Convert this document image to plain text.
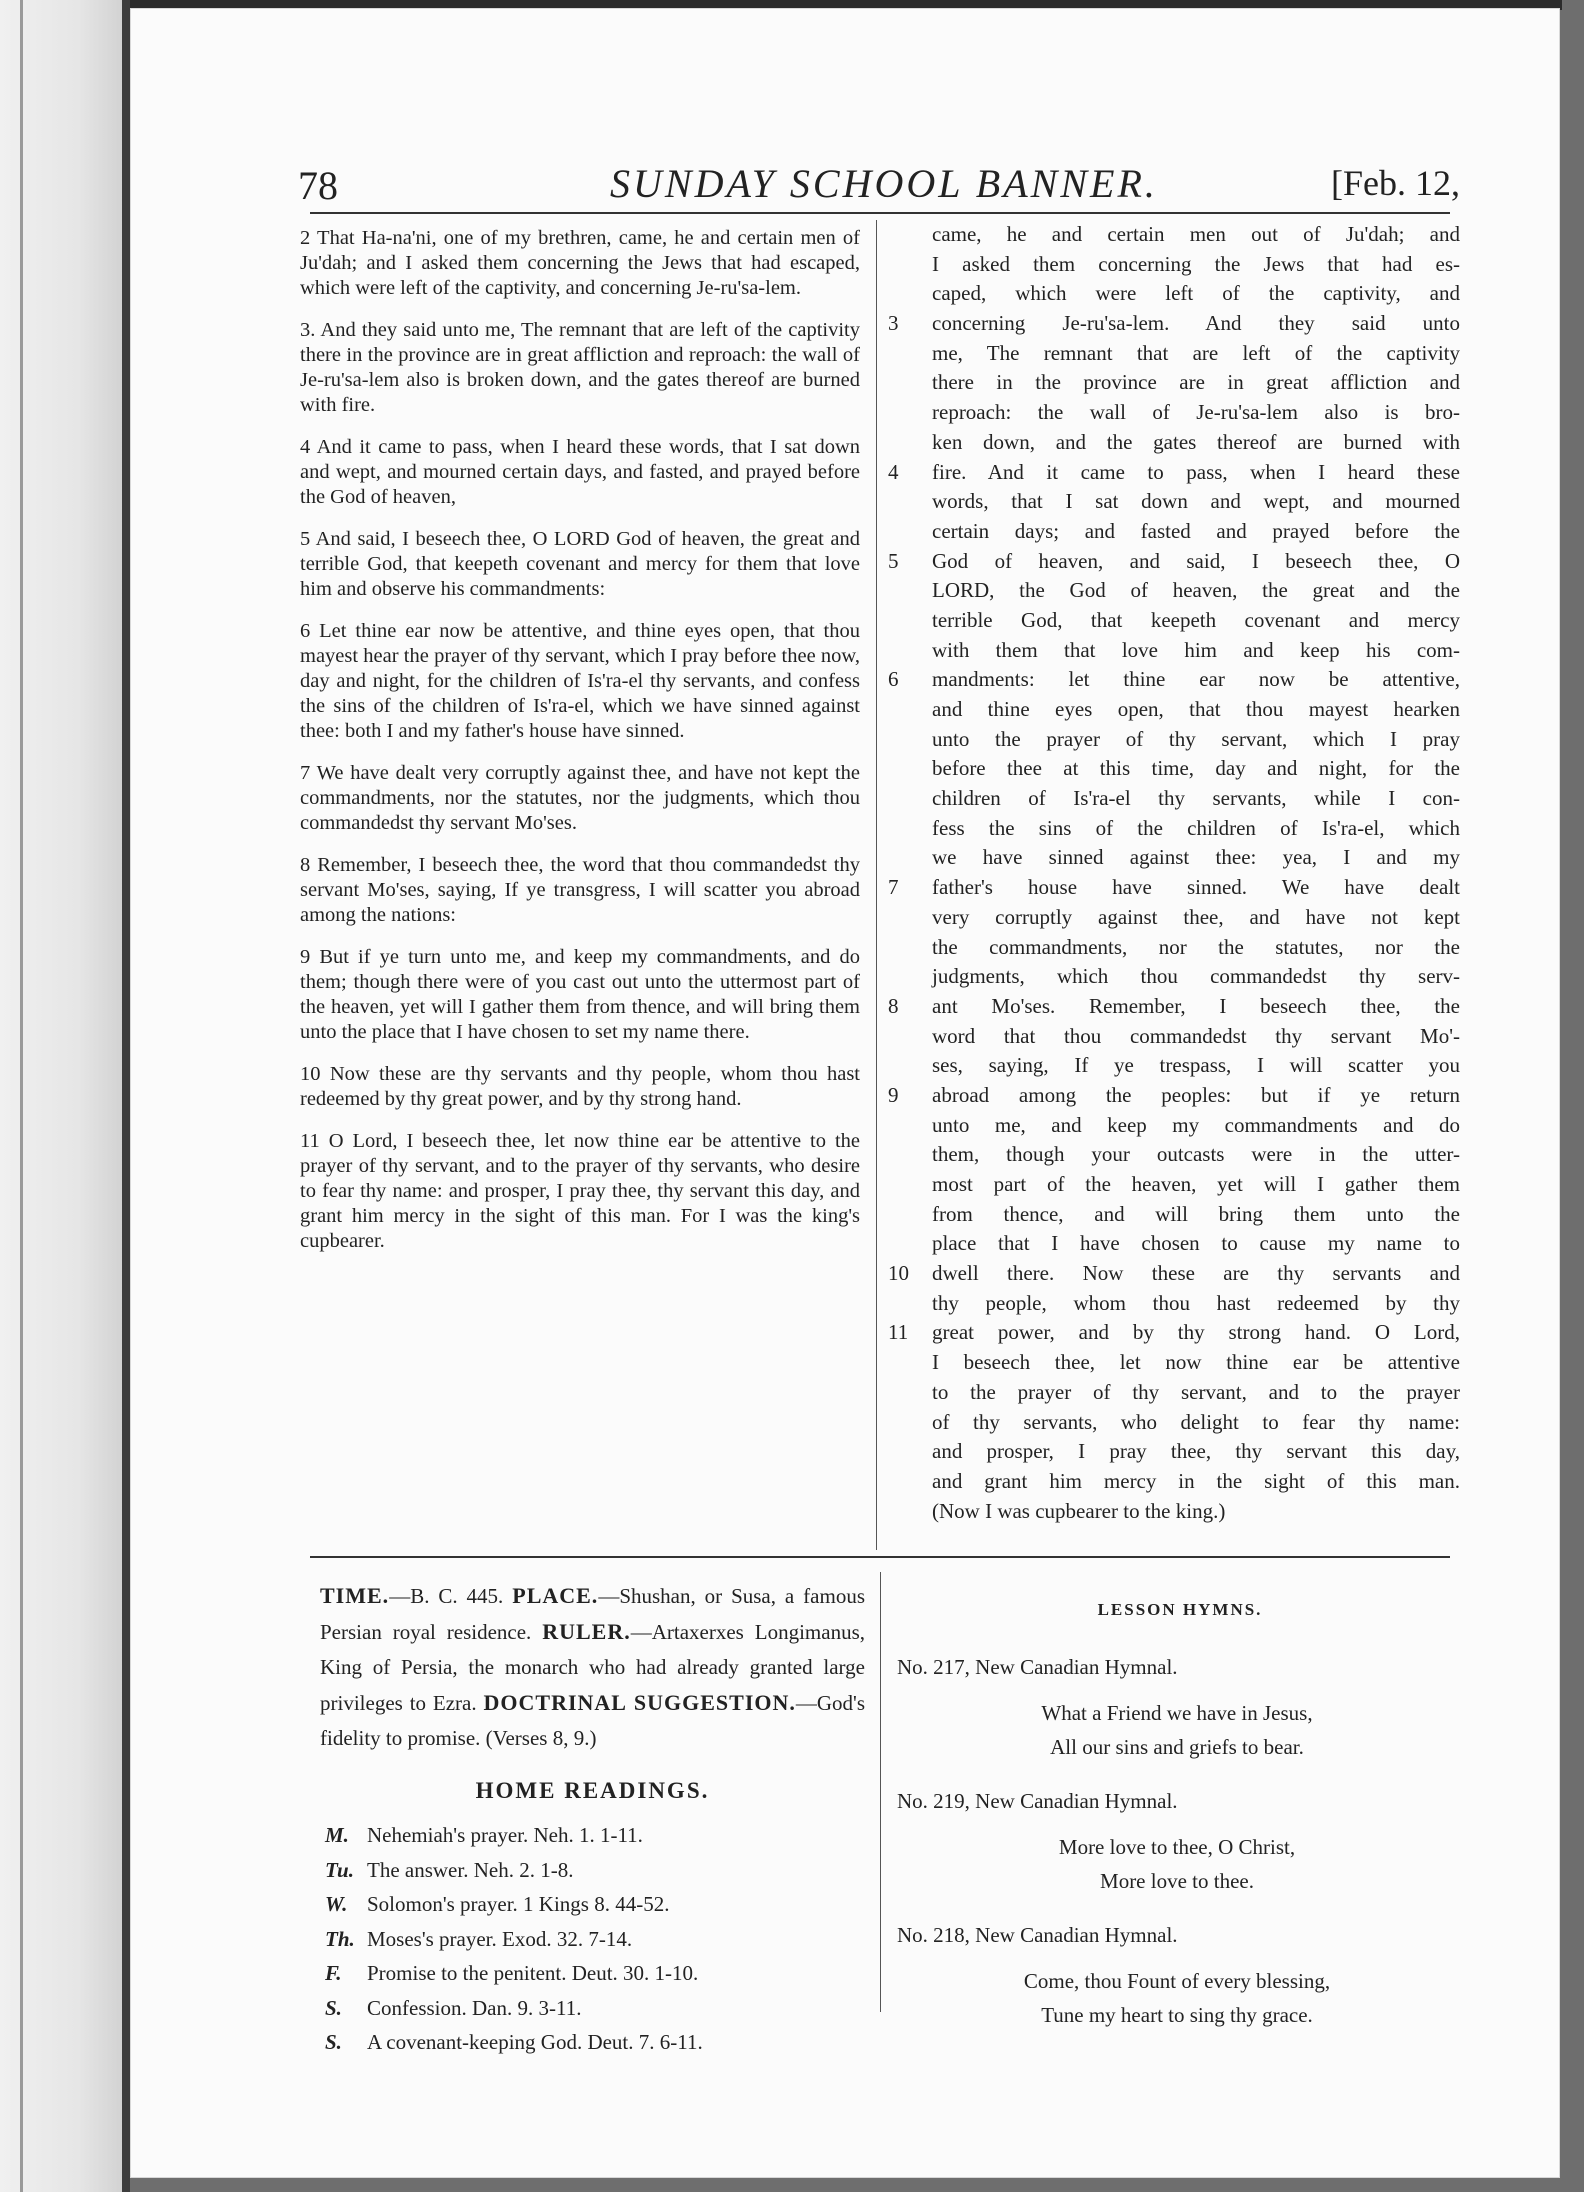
78	SUNDAY SCHOOL BANNER.	[Feb. 12,

2 That Ha-na'ni, one of my brethren, came, he and certain men of Ju'dah; and I asked them concerning the Jews that had escaped, which were left of the captivity, and concerning Je-ru'sa-lem.

3. And they said unto me, The remnant that are left of the captivity there in the province are in great affliction and reproach: the wall of Je-ru'sa-lem also is broken down, and the gates thereof are burned with fire.

4 And it came to pass, when I heard these words, that I sat down and wept, and mourned certain days, and fasted, and prayed before the God of heaven,

5 And said, I beseech thee, O LORD God of heaven, the great and terrible God, that keepeth covenant and mercy for them that love him and observe his commandments:

6 Let thine ear now be attentive, and thine eyes open, that thou mayest hear the prayer of thy servant, which I pray before thee now, day and night, for the children of Is'ra-el thy servants, and confess the sins of the children of Is'ra-el, which we have sinned against thee: both I and my father's house have sinned.

7 We have dealt very corruptly against thee, and have not kept the commandments, nor the statutes, nor the judgments, which thou commandedst thy servant Mo'ses.

8 Remember, I beseech thee, the word that thou commandedst thy servant Mo'ses, saying, If ye transgress, I will scatter you abroad among the nations:

9 But if ye turn unto me, and keep my commandments, and do them; though there were of you cast out unto the uttermost part of the heaven, yet will I gather them from thence, and will bring them unto the place that I have chosen to set my name there.

10 Now these are thy servants and thy people, whom thou hast redeemed by thy great power, and by thy strong hand.

11 O Lord, I beseech thee, let now thine ear be attentive to the prayer of thy servant, and to the prayer of thy servants, who desire to fear thy name: and prosper, I pray thee, thy servant this day, and grant him mercy in the sight of this man. For I was the king's cupbearer.

came, he and certain men out of Ju'dah; and
I asked them concerning the Jews that had es-
caped, which were left of the captivity, and
3	concerning Je-ru'sa-lem. And they said unto
me, The remnant that are left of the captivity
there in the province are in great affliction and
reproach: the wall of Je-ru'sa-lem also is bro-
ken down, and the gates thereof are burned with
4	fire. And it came to pass, when I heard these
words, that I sat down and wept, and mourned
certain days; and fasted and prayed before the
5	God of heaven, and said, I beseech thee, O
LORD, the God of heaven, the great and the
terrible God, that keepeth covenant and mercy
with them that love him and keep his com-
6	mandments: let thine ear now be attentive,
and thine eyes open, that thou mayest hearken
unto the prayer of thy servant, which I pray
before thee at this time, day and night, for the
children of Is'ra-el thy servants, while I con-
fess the sins of the children of Is'ra-el, which
we have sinned against thee: yea, I and my
7	father's house have sinned. We have dealt
very corruptly against thee, and have not kept
the commandments, nor the statutes, nor the
judgments, which thou commandedst thy serv-
8	ant Mo'ses. Remember, I beseech thee, the
word that thou commandedst thy servant Mo'-
ses, saying, If ye trespass, I will scatter you
9	abroad among the peoples: but if ye return
unto me, and keep my commandments and do
them, though your outcasts were in the utter-
most part of the heaven, yet will I gather them
from thence, and will bring them unto the
place that I have chosen to cause my name to
10 dwell there. Now these are thy servants and
thy people, whom thou hast redeemed by thy
11 great power, and by thy strong hand. O Lord,
I beseech thee, let now thine ear be attentive
to the prayer of thy servant, and to the prayer
of thy servants, who delight to fear thy name:
and prosper, I pray thee, thy servant this day,
and grant him mercy in the sight of this man.
(Now I was cupbearer to the king.)
TIME.—B. C. 445. PLACE.—Shushan, or Susa, a famous Persian royal residence. RULER.—Artaxerxes Longimanus, King of Persia, the monarch who had already granted large privileges to Ezra. DOCTRINAL SUGGESTION.—God's fidelity to promise. (Verses 8, 9.)
HOME READINGS.
M. Nehemiah's prayer. Neh. 1. 1-11.
Tu. The answer. Neh. 2. 1-8.
W. Solomon's prayer. 1 Kings 8. 44-52.
Th. Moses's prayer. Exod. 32. 7-14.
F. Promise to the penitent. Deut. 30. 1-10.
S. Confession. Dan. 9. 3-11.
S. A covenant-keeping God. Deut. 7. 6-11.
LESSON HYMNS.
No. 217, New Canadian Hymnal.
What a Friend we have in Jesus,
All our sins and griefs to bear.
No. 219, New Canadian Hymnal.
More love to thee, O Christ,
More love to thee.
No. 218, New Canadian Hymnal.
Come, thou Fount of every blessing,
Tune my heart to sing thy grace.
